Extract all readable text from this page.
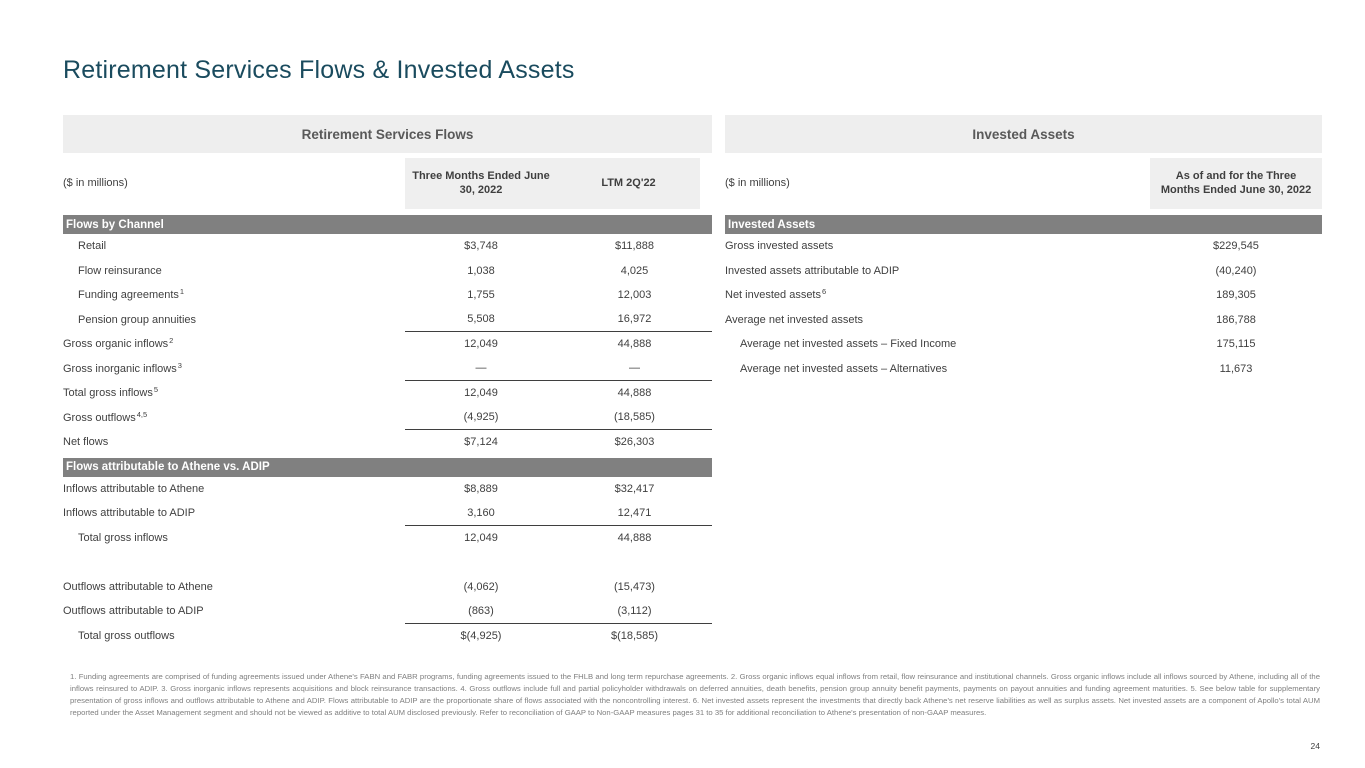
Retirement Services Flows & Invested Assets
Retirement Services Flows
($ in millions)
Three Months Ended June 30, 2022
LTM 2Q'22
Flows by Channel
Retail	$3,748	$11,888
Flow reinsurance	1,038	4,025
Funding agreements$^1$	1,755	12,003
Pension group annuities	5,508	16,972
Gross organic inflows$^2$	12,049	44,888
Gross inorganic inflows$^3$	—	—
Total gross inflows$^5$	12,049	44,888
Gross outflows$^{4,5}$	(4,925)	(18,585)
Net flows	$7,124	$26,303
Flows attributable to Athene vs. ADIP
Inflows attributable to Athene	$8,889	$32,417
Inflows attributable to ADIP	3,160	12,471
Total gross inflows	12,049	44,888
Outflows attributable to Athene	(4,062)	(15,473)
Outflows attributable to ADIP	(863)	(3,112)
Total gross outflows	$(4,925)	$(18,585)
Invested Assets
($ in millions)
As of and for the Three Months Ended June 30, 2022
Invested Assets
Gross invested assets	$229,545
Invested assets attributable to ADIP	(40,240)
Net invested assets$^6$	189,305
Average net invested assets	186,788
Average net invested assets – Fixed Income	175,115
Average net invested assets – Alternatives	11,673
1. Funding agreements are comprised of funding agreements issued under Athene's FABN and FABR programs, funding agreements issued to the FHLB and long term repurchase agreements. 2. Gross organic inflows equal inflows from retail, flow reinsurance and institutional channels. Gross organic inflows include all inflows sourced by Athene, including all of the inflows reinsured to ADIP. 3. Gross inorganic inflows represents acquisitions and block reinsurance transactions. 4. Gross outflows include full and partial policyholder withdrawals on deferred annuities, death benefits, pension group annuity benefit payments, payments on payout annuities and funding agreement maturities. 5. See below table for supplementary presentation of gross inflows and outflows attributable to Athene and ADIP. Flows attributable to ADIP are the proportionate share of flows associated with the noncontrolling interest. 6. Net invested assets represent the investments that directly back Athene's net reserve liabilities as well as surplus assets. Net invested assets are a component of Apollo's total AUM reported under the Asset Management segment and should not be viewed as additive to total AUM disclosed previously. Refer to reconciliation of GAAP to Non-GAAP measures pages 31 to 35 for additional reconciliation to Athene's presentation of non-GAAP measures.
24
